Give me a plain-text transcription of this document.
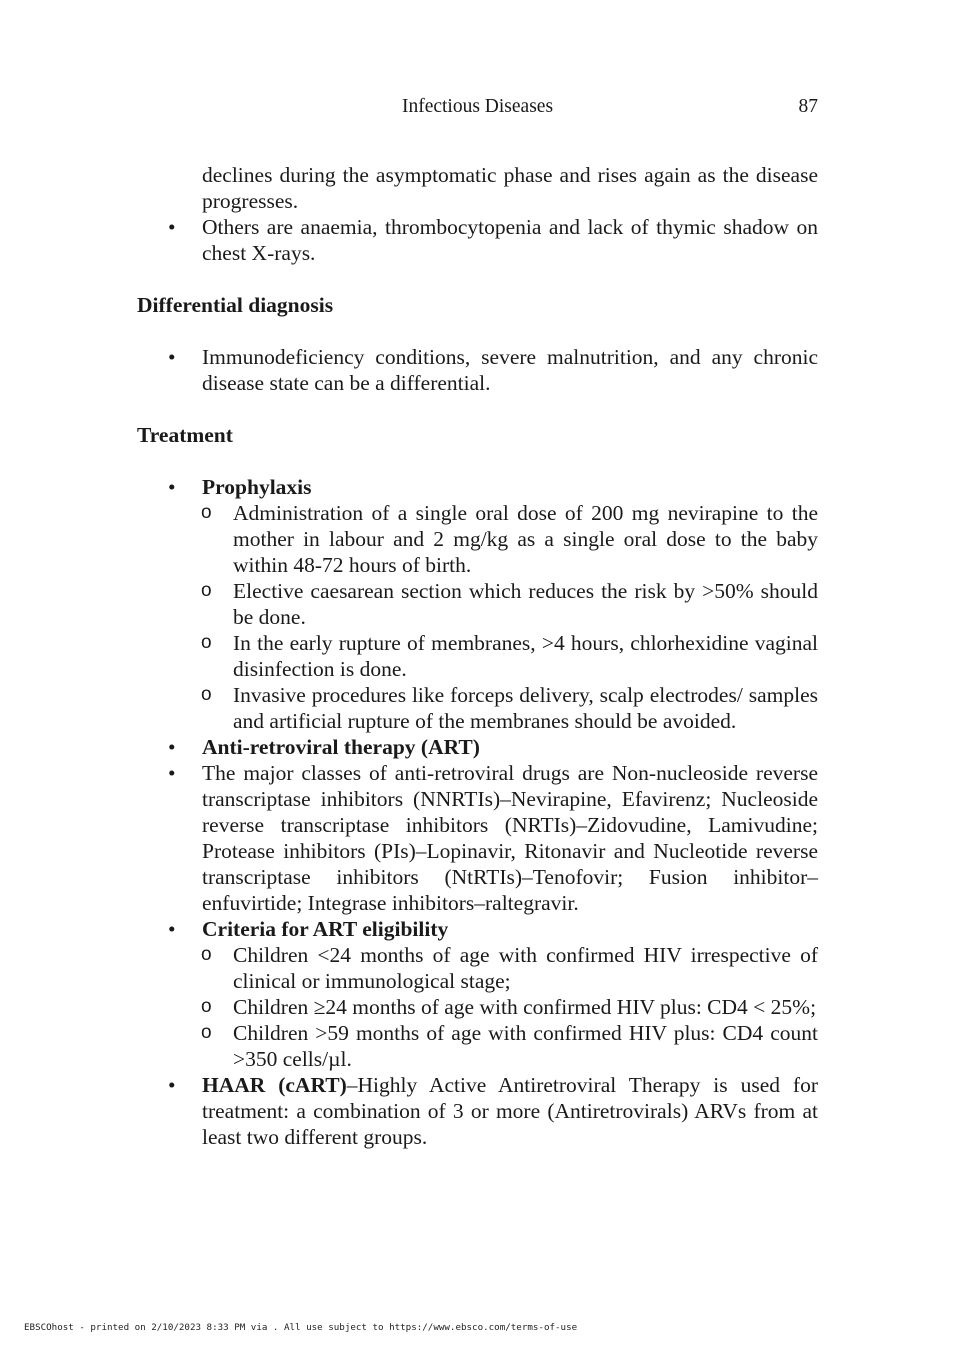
Infectious Diseases	87

declines during the asymptomatic phase and rises again as the disease progresses.

• Others are anaemia, thrombocytopenia and lack of thymic shadow on chest X-rays.

Differential diagnosis

• Immunodeficiency conditions, severe malnutrition, and any chronic disease state can be a differential.

Treatment

• Prophylaxis
o Administration of a single oral dose of 200 mg nevirapine to the mother in labour and 2 mg/kg as a single oral dose to the baby within 48-72 hours of birth.
o Elective caesarean section which reduces the risk by >50% should be done.
o In the early rupture of membranes, >4 hours, chlorhexidine vaginal disinfection is done.
o Invasive procedures like forceps delivery, scalp electrodes/ samples and artificial rupture of the membranes should be avoided.
• Anti-retroviral therapy (ART)
• The major classes of anti-retroviral drugs are Non-nucleoside reverse transcriptase inhibitors (NNRTIs)–Nevirapine, Efavirenz; Nucleoside reverse transcriptase inhibitors (NRTIs)–Zidovudine, Lamivudine; Protease inhibitors (PIs)–Lopinavir, Ritonavir and Nucleotide reverse transcriptase inhibitors (NtRTIs)–Tenofovir; Fusion inhibitor–enfuvirtide; Integrase inhibitors–raltegravir.
• Criteria for ART eligibility
o Children <24 months of age with confirmed HIV irrespective of clinical or immunological stage;
o Children ≥24 months of age with confirmed HIV plus: CD4 < 25%;
o Children >59 months of age with confirmed HIV plus: CD4 count >350 cells/µl.
• HAAR (cART)–Highly Active Antiretroviral Therapy is used for treatment: a combination of 3 or more (Antiretrovirals) ARVs from at least two different groups.
EBSCOhost - printed on 2/10/2023 8:33 PM via . All use subject to https://www.ebsco.com/terms-of-use
